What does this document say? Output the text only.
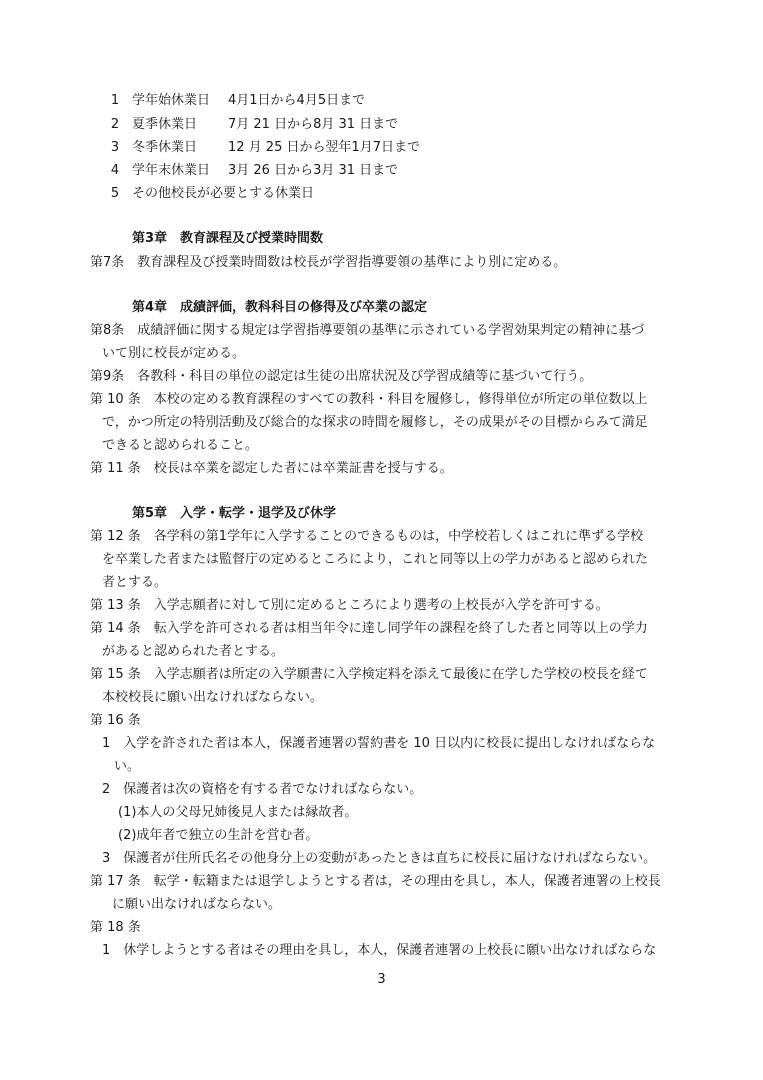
1 学年始休業日 4月1日から4月5日まで
2 夏季休業日 7月 21 日から8月 31 日まで
3 冬季休業日 12 月 25 日から翌年1月7日まで
4 学年末休業日 3月 26 日から3月 31 日まで
5 その他校長が必要とする休業日
第3章　教育課程及び授業時間数
第7条　教育課程及び授業時間数は校長が学習指導要領の基準により別に定める。
第4章　成績評価，教科科目の修得及び卒業の認定
第8条　成績評価に関する規定は学習指導要領の基準に示されている学習効果判定の精神に基づ
いて別に校長が定める。
第9条　各教科・科目の単位の認定は生徒の出席状況及び学習成績等に基づいて行う。
第 10 条　本校の定める教育課程のすべての教科・科目を履修し，修得単位が所定の単位数以上
で，かつ所定の特別活動及び総合的な探求の時間を履修し，その成果がその目標からみて満足
できると認められること。
第 11 条　校長は卒業を認定した者には卒業証書を授与する。
第5章　入学・転学・退学及び休学
第 12 条　各学科の第1学年に入学することのできるものは，中学校若しくはこれに準ずる学校
を卒業した者または監督庁の定めるところにより，これと同等以上の学力があると認められた
者とする。
第 13 条　入学志願者に対して別に定めるところにより選考の上校長が入学を許可する。
第 14 条　転入学を許可される者は相当年令に達し同学年の課程を終了した者と同等以上の学力
があると認められた者とする。
第 15 条　入学志願者は所定の入学願書に入学検定料を添えて最後に在学した学校の校長を経て
本校校長に願い出なければならない。
第 16 条
1　入学を許された者は本人，保護者連署の誓約書を 10 日以内に校長に提出しなければならな
い。
2　保護者は次の資格を有する者でなければならない。
(1)本人の父母兄姉後見人または縁故者。
(2)成年者で独立の生計を営む者。
3　保護者が住所氏名その他身分上の変動があったときは直ちに校長に届けなければならない。
第 17 条　転学・転籍または退学しようとする者は，その理由を具し，本人，保護者連署の上校長
に願い出なければならない。
第 18 条
1　休学しようとする者はその理由を具し，本人，保護者連署の上校長に願い出なければならな
3
